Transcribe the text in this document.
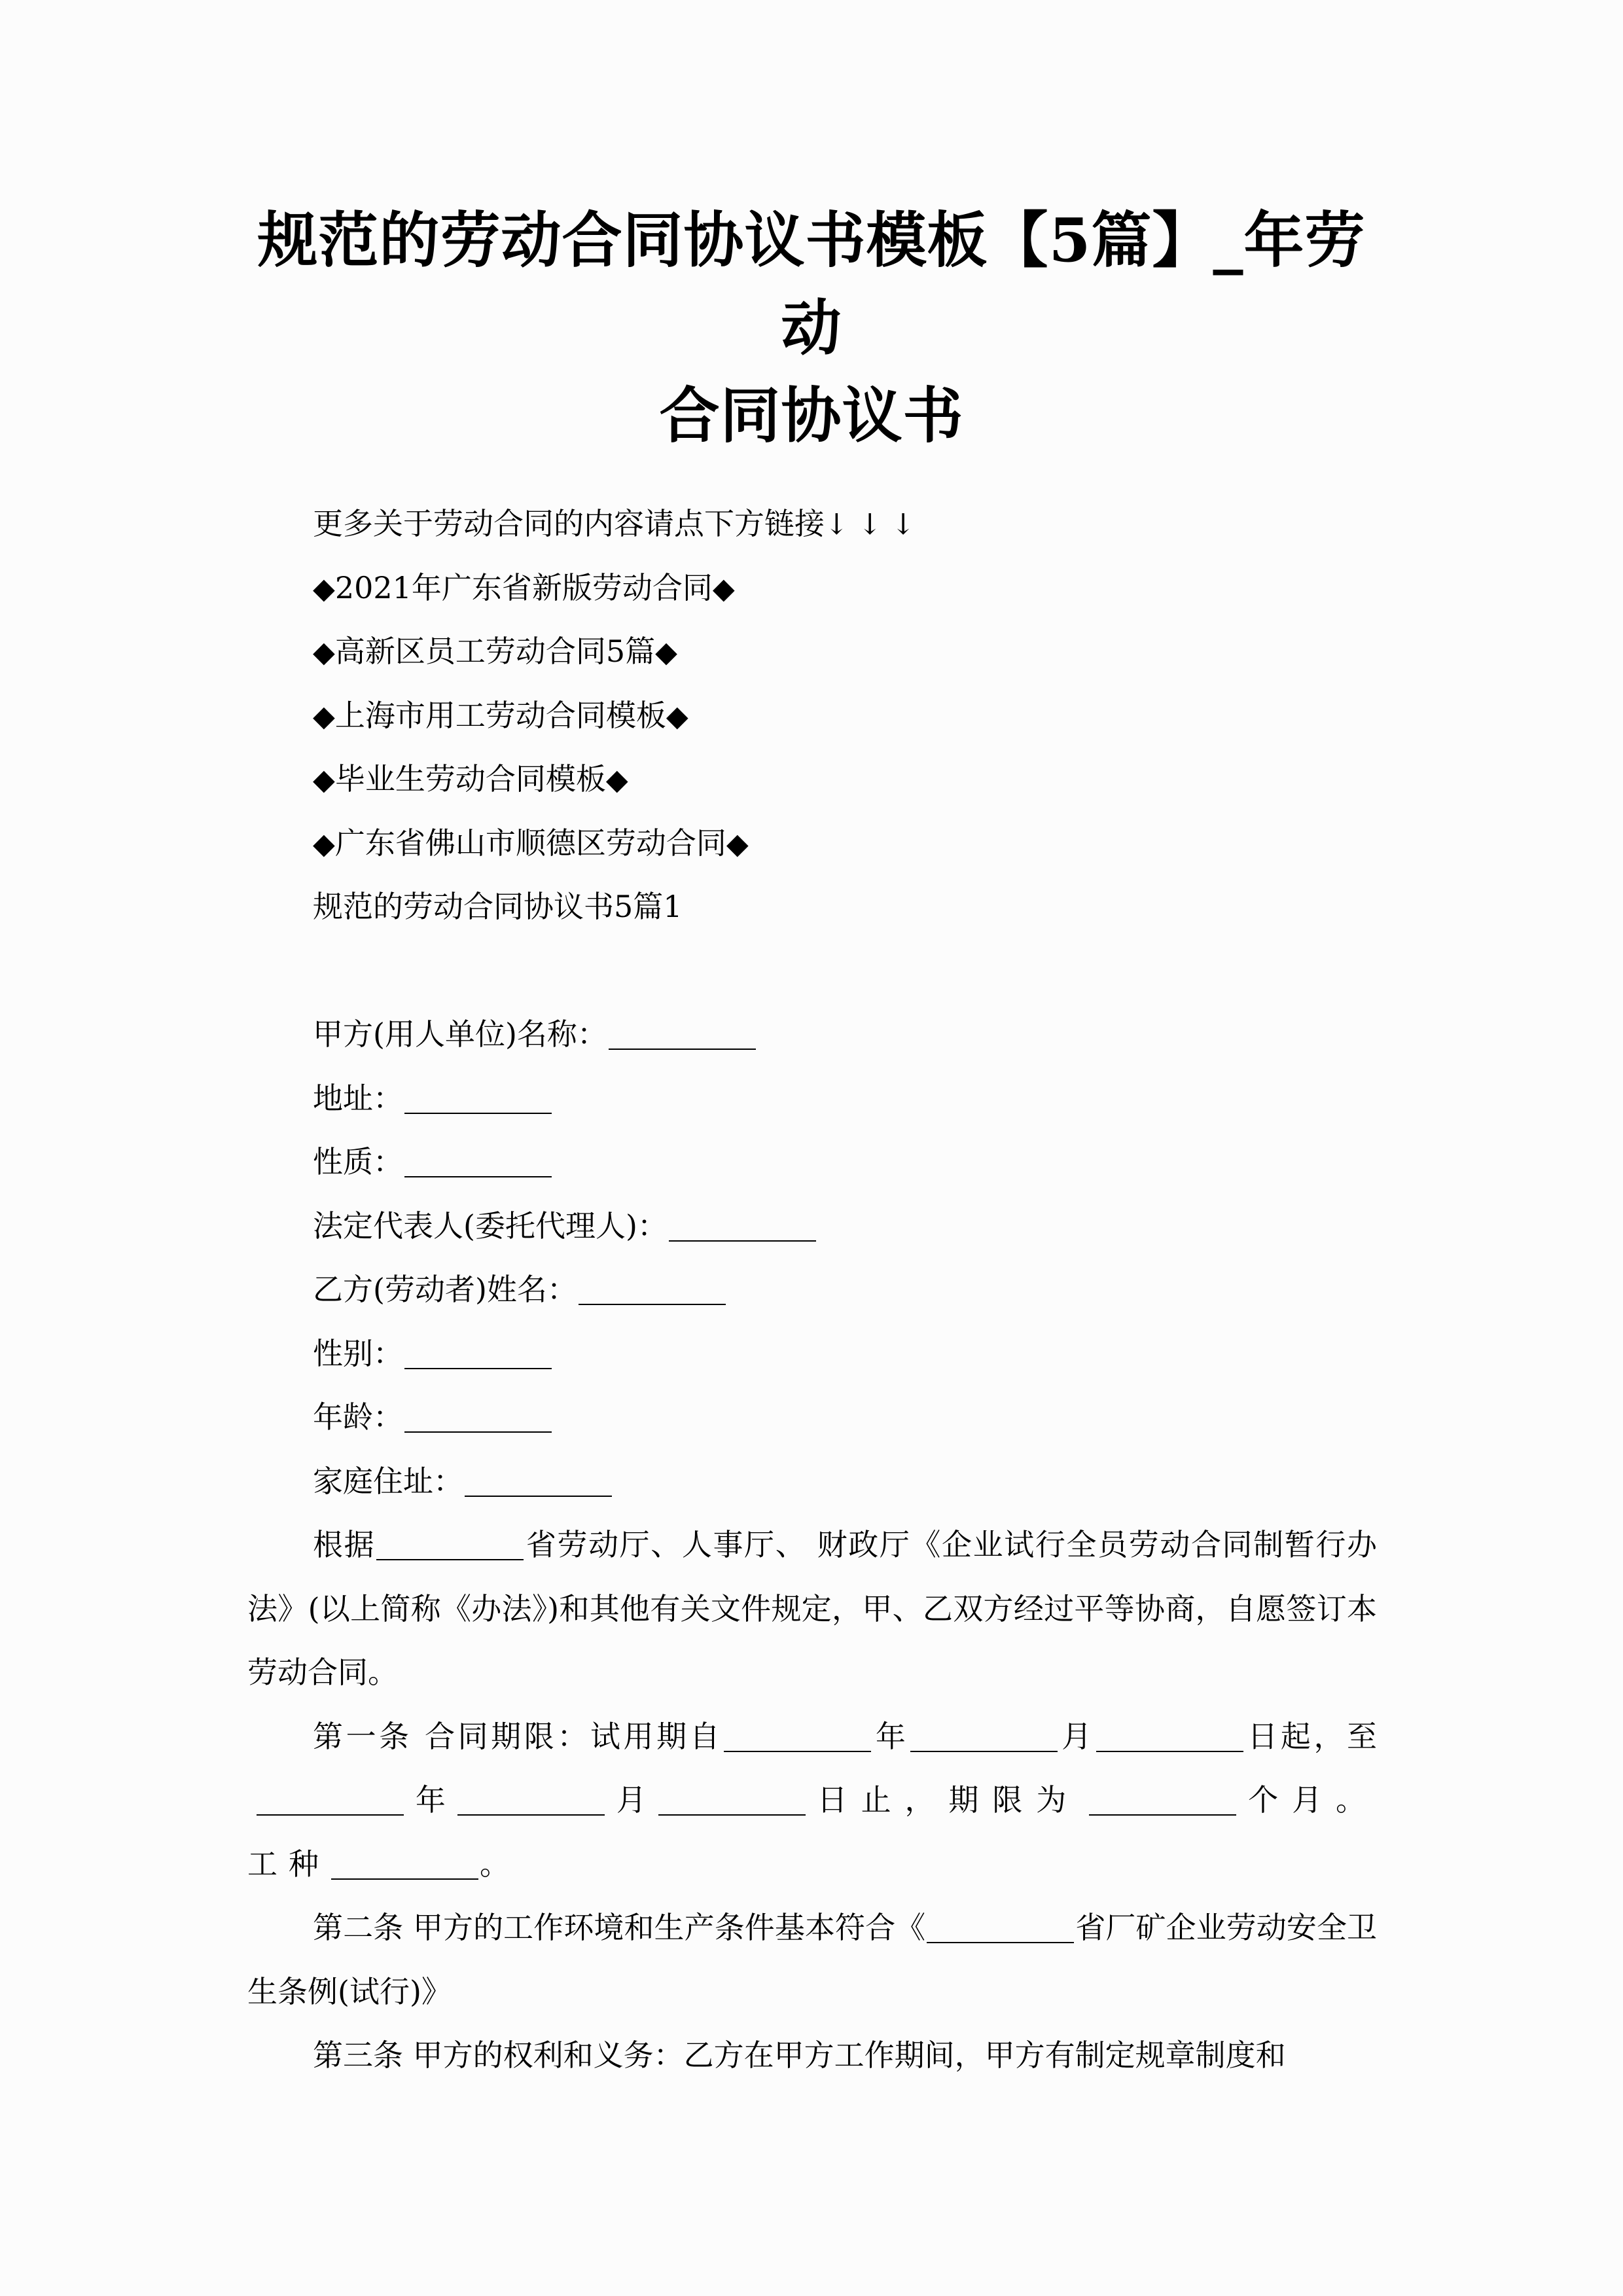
规范的劳动合同协议书模板【5篇】_年劳动
合同协议书
更多关于劳动合同的内容请点下方链接↓↓↓
◆2021年广东省新版劳动合同◆
◆高新区员工劳动合同5篇◆
◆上海市用工劳动合同模板◆
◆毕业生劳动合同模板◆
◆广东省佛山市顺德区劳动合同◆
规范的劳动合同协议书5篇1
甲方(用人单位)名称：
地址：
性质：
法定代表人(委托代理人)：
乙方(劳动者)姓名：
性别：
年龄：
家庭住址：
根据	省劳动厅、人事厅、 财政厅《企业试行全员劳动合同制暂行办法》(以上简称《办法》)和其他有关文件规定，甲、乙双方经过平等协商，自愿签订本劳动合同。
第一条 合同期限：试用期自	年	月	日起，至年	月	日止，期限为	个月。工种	。
第二条 甲方的工作环境和生产条件基本符合《	省厂矿企业劳动安全卫生条例(试行)》
第三条 甲方的权利和义务：乙方在甲方工作期间，甲方有制定规章制度和
